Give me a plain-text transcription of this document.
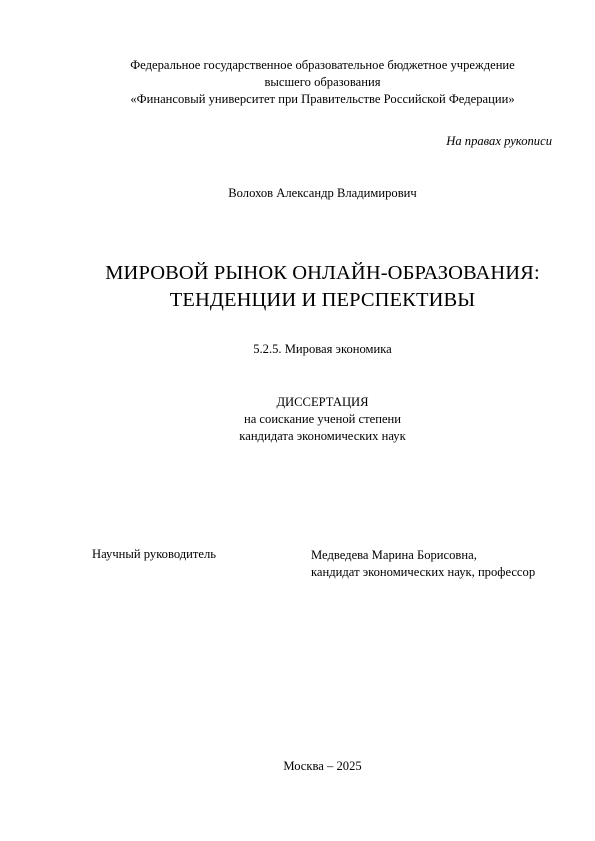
Федеральное государственное образовательное бюджетное учреждение
высшего образования
«Финансовый университет при Правительстве Российской Федерации»
На правах рукописи
Волохов Александр Владимирович
МИРОВОЙ РЫНОК ОНЛАЙН-ОБРАЗОВАНИЯ:
ТЕНДЕНЦИИ И ПЕРСПЕКТИВЫ
5.2.5. Мировая экономика
ДИССЕРТАЦИЯ
на соискание ученой степени
кандидата экономических наук
Научный руководитель	Медведева Марина Борисовна,
кандидат экономических наук, профессор
Москва – 2025
